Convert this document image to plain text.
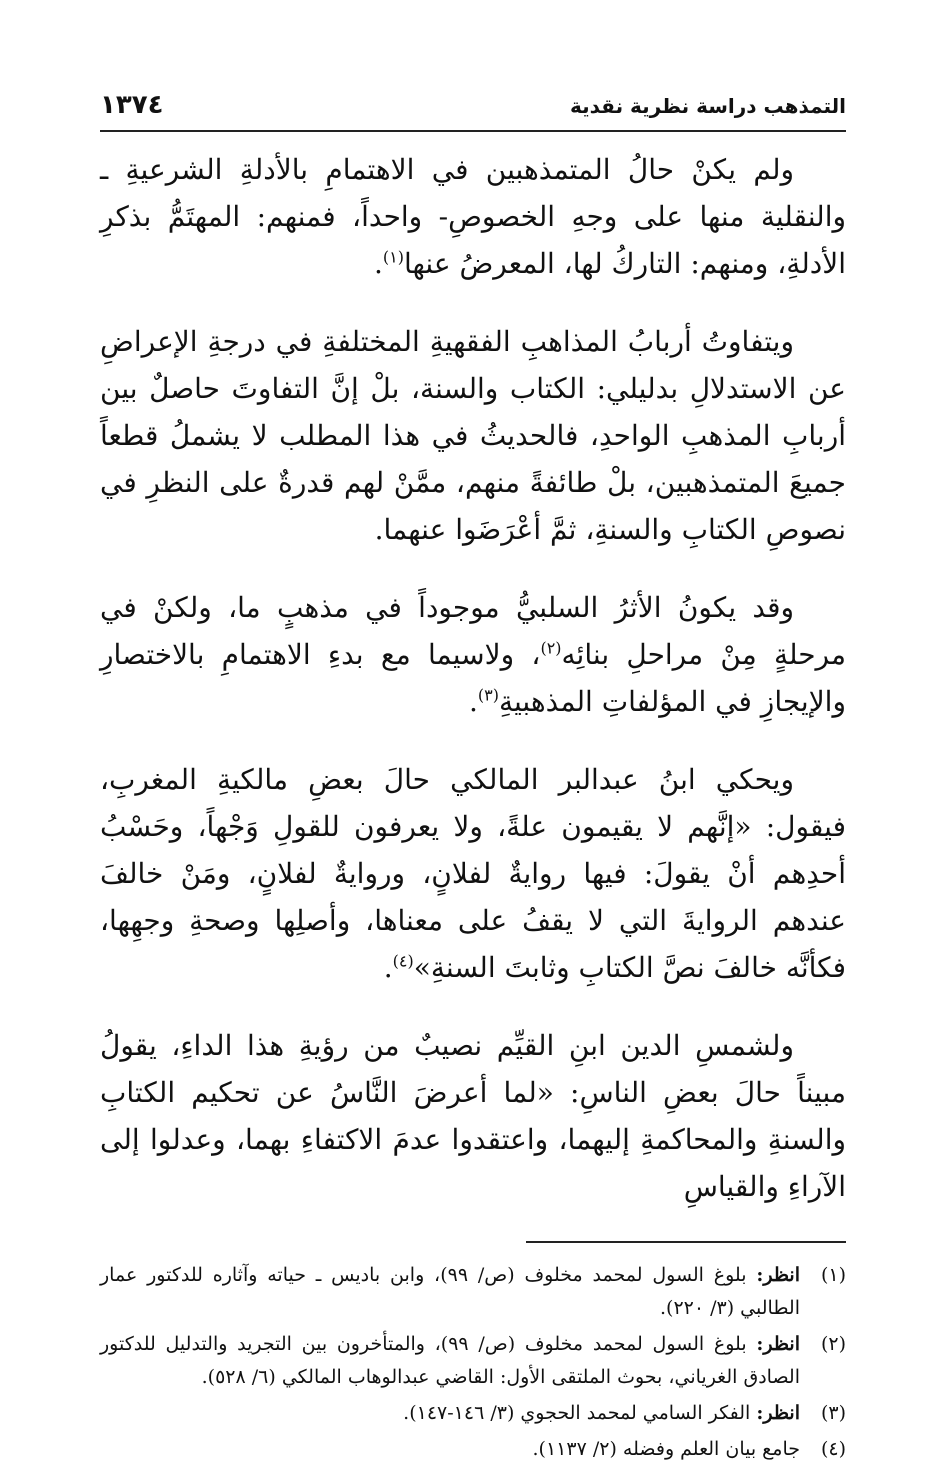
التمذهب دراسة نظرية نقدية
١٣٧٤

ولم يكنْ حالُ المتمذهبين في الاهتمامِ بالأدلةِ الشرعيةِ ـ والنقلية منها على وجهِ الخصوصِ- واحداً، فمنهم: المهتَمُّ بذكرِ الأدلةِ، ومنهم: التاركُ لها، المعرضُ عنها$^{(١)}$.

ويتفاوتُ أربابُ المذاهبِ الفقهيةِ المختلفةِ في درجةِ الإعراضِ عن الاستدلالِ بدليلي: الكتاب والسنة، بلْ إنَّ التفاوتَ حاصلٌ بين أربابِ المذهبِ الواحدِ، فالحديثُ في هذا المطلب لا يشملُ قطعاً جميعَ المتمذهبين، بلْ طائفةً منهم، ممَّنْ لهم قدرةٌ على النظرِ في نصوصِ الكتابِ والسنةِ، ثمَّ أعْرَضَوا عنهما.

وقد يكونُ الأثرُ السلبيُّ موجوداً في مذهبٍ ما، ولكنْ في مرحلةٍ مِنْ مراحلِ بنائِه$^{(٢)}$، ولاسيما مع بدءِ الاهتمامِ بالاختصارِ والإيجازِ في المؤلفاتِ المذهبيةِ$^{(٣)}$.

ويحكي ابنُ عبدالبر المالكي حالَ بعضِ مالكيةِ المغربِ، فيقول: «إنَّهم لا يقيمون علةً، ولا يعرفون للقولِ وَجْهاً، وحَسْبُ أحدِهم أنْ يقولَ: فيها روايةٌ لفلانٍ، وروايةٌ لفلانٍ، ومَنْ خالفَ عندهم الروايةَ التي لا يقفُ على معناها، وأصلِها وصحةِ وجهِها، فكأنَّه خالفَ نصَّ الكتابِ وثابتَ السنةِ»$^{(٤)}$.

ولشمسِ الدين ابنِ القيِّم نصيبٌ من رؤيةِ هذا الداءِ، يقولُ مبيناً حالَ بعضِ الناسِ: «لما أعرضَ النَّاسُ عن تحكيم الكتابِ والسنةِ والمحاكمةِ إليهما، واعتقدوا عدمَ الاكتفاءِ بهما، وعدلوا إلى الآراءِ والقياسِ

(١)
انظر: بلوغ السول لمحمد مخلوف (ص/ ٩٩)، وابن باديس ـ حياته وآثاره للدكتور عمار الطالبي (٣/ ٢٢٠).
(٢)
انظر: بلوغ السول لمحمد مخلوف (ص/ ٩٩)، والمتأخرون بين التجريد والتدليل للدكتور الصادق الغرياني، بحوث الملتقى الأول: القاضي عبدالوهاب المالكي (٦/ ٥٢٨).
(٣)
انظر: الفكر السامي لمحمد الحجوي (٣/ ١٤٦-١٤٧).
(٤)
جامع بيان العلم وفضله (٢/ ١١٣٧).
